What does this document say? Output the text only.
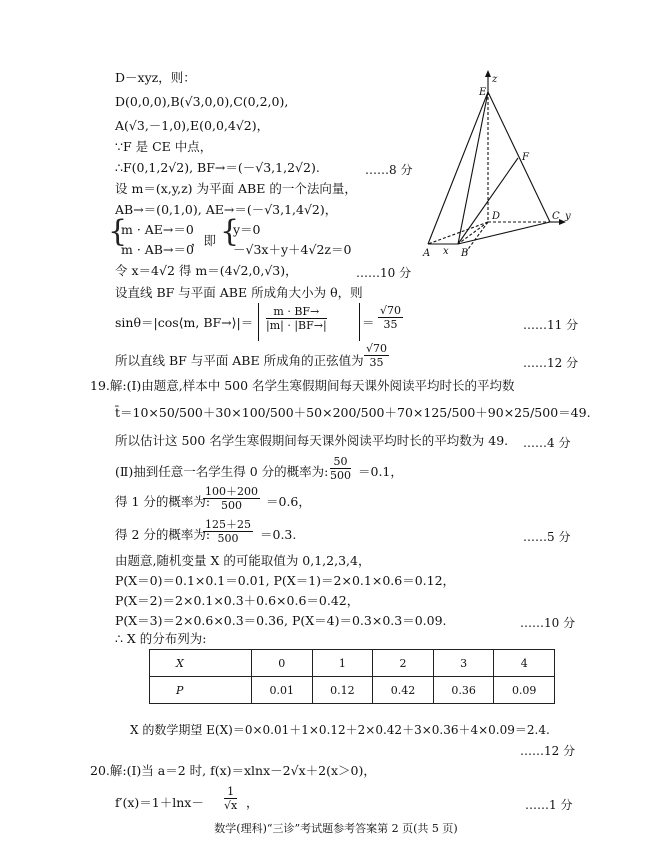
D－xyz，则：
D(0,0,0),B(√3,0,0),C(0,2,0),
A(√3,－1,0),E(0,0,4√2)，
∵F 是 CE 中点，
∴F(0,1,2√2), BF→＝(－√3,1,2√2).	……8 分
设 m＝(x,y,z) 为平面 ABE 的一个法向量，
AB→＝(0,1,0), AE→＝(－√3,1,4√2)，
{
m · AE→＝0
m · AB→＝0
，即 {
y＝0
－√3x＋y＋4√2z＝0
令 x＝4√2 得 m＝(4√2,0,√3)，	……10 分
设直线 BF 与平面 ABE 所成角大小为 θ，则
sinθ＝|cos⟨m, BF→⟩|＝ $\frac{m \cdot BF\to}{|m| \cdot |BF\to|}$	＝ $\frac{√70}{35}$	……11 分
所以直线 BF 与平面 ABE 所成角的正弦值为 $\frac{√70}{35}$	……12 分
19.解:(Ⅰ)由题意,样本中 500 名学生寒假期间每天课外阅读平均时长的平均数
t̄＝10×50/500＋30×100/500＋50×200/500＋70×125/500＋90×25/500＝49.
所以估计这 500 名学生寒假期间每天课外阅读平均时长的平均数为 49. ……4 分
(Ⅱ)抽到任意一名学生得 0 分的概率为: $\frac{50}{500} =0.1$，
得 1 分的概率为:
$\frac{100+200}{500} =0.6$，
得 2 分的概率为:
$\frac{125+25}{500} =0.3$.	……5 分
由题意,随机变量 X 的可能取值为 0,1,2,3,4，
P(X＝0)＝0.1×0.1＝0.01, P(X＝1)＝2×0.1×0.6＝0.12，
P(X＝2)＝2×0.1×0.3＋0.6×0.6＝0.42，
P(X＝3)＝2×0.6×0.3＝0.36, P(X＝4)＝0.3×0.3＝0.09.	……10 分
∴ X 的分布列为:
X	0	1	2	3	4
P	0.01	0.12	0.42	0.36	0.09
X 的数学期望 E(X)＝0×0.01＋1×0.12＋2×0.42＋3×0.36＋4×0.09＝2.4.
……12 分
20.解:(Ⅰ)当 a＝2 时, f(x)＝xlnx－2√x＋2(x＞0)，
$f'(x)=1+\ln x- \frac{1}{√x}$ ，	……1 分
E
z
F
D	C y
A x B
数学(理科)“三诊”考试题参考答案第 2 页(共 5 页)
